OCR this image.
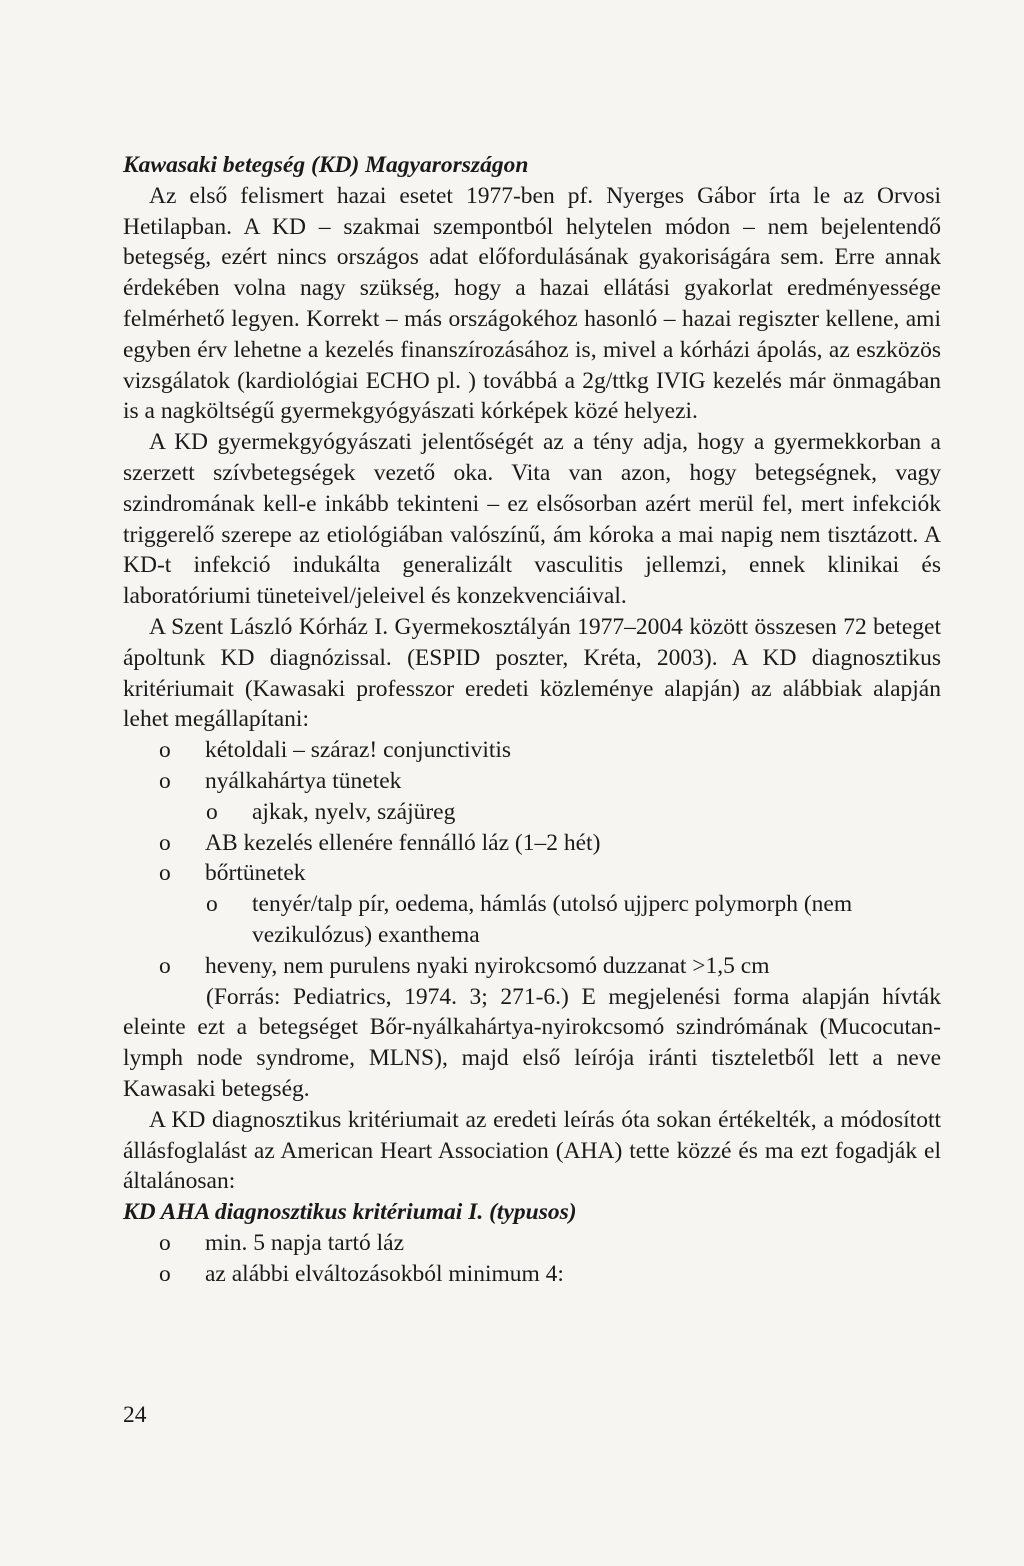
Kawasaki betegség (KD) Magyarországon

Az első felismert hazai esetet 1977-ben pf. Nyerges Gábor írta le az Orvosi Hetilapban. A KD – szakmai szempontból helytelen módon – nem bejelentendő betegség, ezért nincs országos adat előfordulásának gyakoriságára sem. Erre annak érdekében volna nagy szükség, hogy a hazai ellátási gyakorlat eredményessége felmérhető legyen. Korrekt – más országokéhoz hasonló – hazai regiszter kellene, ami egyben érv lehetne a kezelés finanszírozásához is, mivel a kórházi ápolás, az eszközös vizsgálatok (kardiológiai ECHO pl. ) továbbá a 2g/ttkg IVIG kezelés már önmagában is a nagköltségű gyermekgyógyászati kórképek közé helyezi.

A KD gyermekgyógyászati jelentőségét az a tény adja, hogy a gyermekkorban a szerzett szívbetegségek vezető oka. Vita van azon, hogy betegségnek, vagy szindromának kell-e inkább tekinteni – ez elsősorban azért merül fel, mert infekciók triggerelő szerepe az etiológiában valószínű, ám kóroka a mai napig nem tisztázott. A KD-t infekció indukálta generalizált vasculitis jellemzi, ennek klinikai és laboratóriumi tüneteivel/jeleivel és konzekvenciáival.

A Szent László Kórház I. Gyermekosztályán 1977–2004 között összesen 72 beteget ápoltunk KD diagnózissal. (ESPID poszter, Kréta, 2003). A KD diagnosztikus kritériumait (Kawasaki professzor eredeti közleménye alapján) az alábbiak alapján lehet megállapítani:

o	kétoldali – száraz! conjunctivitis
o	nyálkahártya tünetek
o	ajkak, nyelv, szájüreg
o	AB kezelés ellenére fennálló láz (1–2 hét)
o	bőrtünetek
o	tenyér/talp pír, oedema, hámlás (utolsó ujjperc polymorph (nem vezikulózus) exanthema
o	heveny, nem purulens nyaki nyirokcsomó duzzanat >1,5 cm

(Forrás: Pediatrics, 1974. 3; 271-6.) E megjelenési forma alapján hívták eleinte ezt a betegséget Bőr-nyálkahártya-nyirokcsomó szindrómának (Mucocutan-lymph node syndrome, MLNS), majd első leírója iránti tiszteletből lett a neve Kawasaki betegség.

A KD diagnosztikus kritériumait az eredeti leírás óta sokan értékelték, a módosított állásfoglalást az American Heart Association (AHA) tette közzé és ma ezt fogadják el általánosan:

KD AHA diagnosztikus kritériumai I. (typusos)

o	min. 5 napja tartó láz
o	az alábbi elváltozásokból minimum 4:
24
